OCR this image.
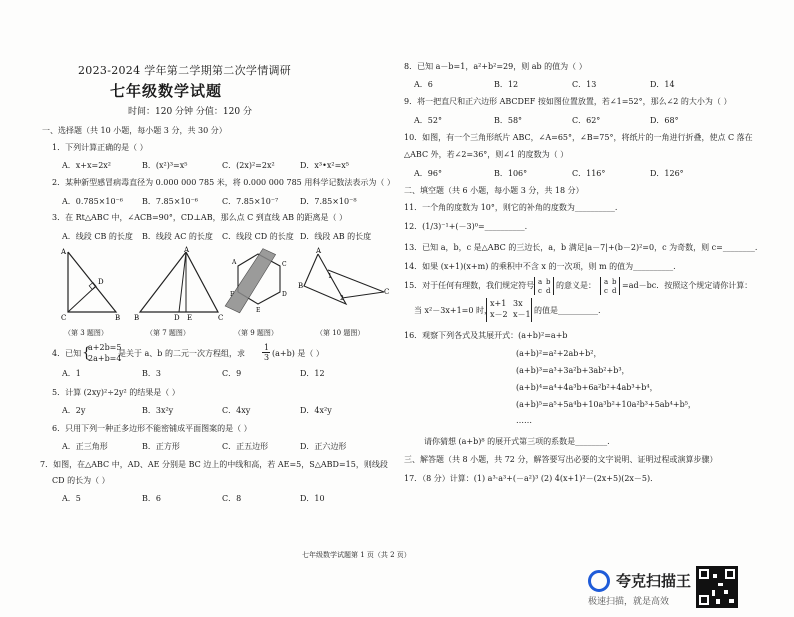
2023-2024 学年第二学期第二次学情调研
七年级数学试题
时间：120 分钟 分值：120 分
一、选择题（共 10 小题，每小题 3 分，共 30 分）
1．下列计算正确的是（ ）
A．x+x=2x²	B．(x²)³=x⁵	C．(2x)²=2x²	D．x³•x²=x⁵
2．某种新型感冒病毒直径为 0.000 000 785 米，将 0.000 000 785 用科学记数法表示为（ ）
A．0.785×10⁻⁶ B．7.85×10⁻⁶	C．7.85×10⁻⁷	D．7.85×10⁻⁸
3．在 Rt△ABC 中，∠ACB=90°，CD⊥AB，那么点 C 到直线 AB 的距离是（ ）
A．线段 CB 的长度 B．线段 AC 的长度 C．线段 CD 的长度 D．线段 AB 的长度
A
C	B
D
A
B	D E	C
A	C
F	D
E
A
B
C
1
2
（第 3 题图）	（第 7 题图）	（第 9 题图）	（第 10 题图）
4．已知 {
a+2b=5
2a+b=4
是关于 a、b 的二元一次方程组，求
1
3 (a+b) 是（ ）
A．1	B．3	C．9	D．12
5．计算 (2xy)²÷2y² 的结果是（ ）
A．2y	B．3x²y	C．4xy	D．4x²y
6．只用下列一种正多边形不能密铺成平面图案的是（ ）
A．正三角形	B．正方形	C．正五边形	D．正六边形
7．如图，在△ABC 中，AD、AE 分别是 BC 边上的中线和高，若 AE=5，S△ABD=15，则线段
CD 的长为（ ）
A．5	B．6	C．8	D．10
8．已知 a－b=1，a²+b²=29，则 ab 的值为（ ）
A．6	B．12	C．13	D．14
9．将一把直尺和正六边形 ABCDEF 按如图位置放置，若∠1=52°，那么∠2 的大小为（ ）
A．52°	B．58°	C．62°	D．68°
10．如图，有一个三角形纸片 ABC，∠A=65°，∠B=75°，将纸片的一角进行折叠，使点 C 落在
△ABC 外，若∠2=36°，则∠1 的度数为（ ）
A．96°	B．106°	C．116°	D．126°
二、填空题（共 6 小题，每小题 3 分，共 18 分）
11．一个角的度数为 10°，则它的补角的度数为__________.
12．(1/3)⁻¹+(－3)⁰=__________.
13．已知 a，b，c 是△ABC 的三边长，a，b 满足|a－7|+(b－2)²=0，c 为奇数，则 c=________.
14．如果 (x+1)(x+m) 的乘积中不含 x 的一次项，则 m 的值为__________.
15．对于任何有理数，我们规定符号 a b
c d
的意义是： a b
c d
=ad－bc．按照这个规定请你计算：
当 x²－3x+1=0 时，
x+1 3x
x－2 x－1 的值是__________.
16．观察下列各式及其展开式：(a+b)²=a+b
(a+b)²=a²+2ab+b²，
(a+b)³=a³+3a²b+3ab²+b³，
(a+b)⁴=a⁴+4a³b+6a²b²+4ab³+b⁴，
(a+b)⁵=a⁵+5a⁴b+10a³b²+10a²b³+5ab⁴+b⁵，
……
请你猜想 (a+b)⁸ 的展开式第三项的系数是________.
三、解答题（共 8 小题，共 72 分，解答要写出必要的文字说明、证明过程或演算步骤）
17．（8 分）计算：(1) a³·a³+(－a²)³ (2) 4(x+1)²－(2x+5)(2x－5)．
七年级数学试题第 1 页（共 2 页）
夸克扫描王
极速扫描，就是高效
